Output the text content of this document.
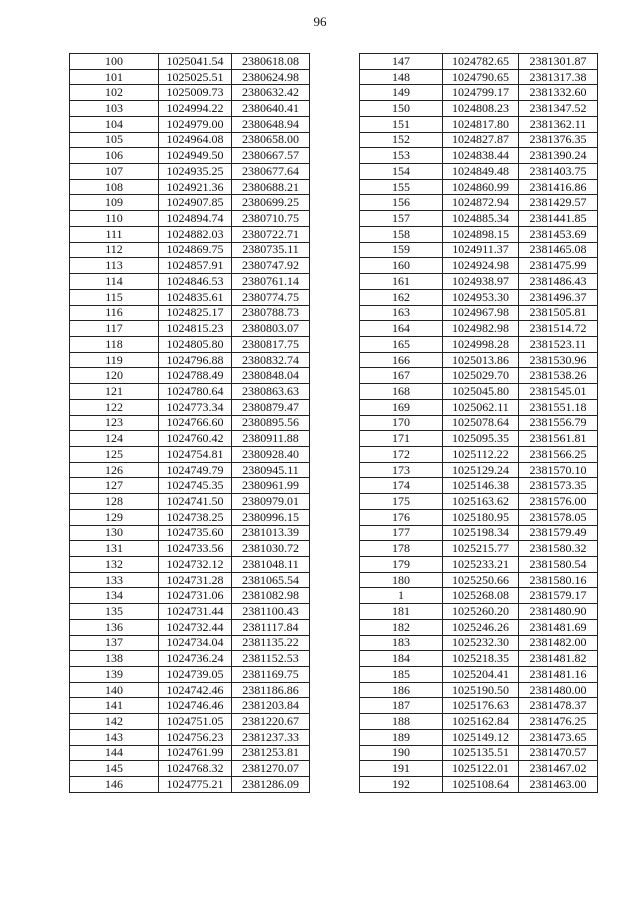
96
100	1025041.54	2380618.08
101	1025025.51	2380624.98
102	1025009.73	2380632.42
103	1024994.22	2380640.41
104	1024979.00	2380648.94
105	1024964.08	2380658.00
106	1024949.50	2380667.57
107	1024935.25	2380677.64
108	1024921.36	2380688.21
109	1024907.85	2380699.25
110	1024894.74	2380710.75
111	1024882.03	2380722.71
112	1024869.75	2380735.11
113	1024857.91	2380747.92
114	1024846.53	2380761.14
115	1024835.61	2380774.75
116	1024825.17	2380788.73
117	1024815.23	2380803.07
118	1024805.80	2380817.75
119	1024796.88	2380832.74
120	1024788.49	2380848.04
121	1024780.64	2380863.63
122	1024773.34	2380879.47
123	1024766.60	2380895.56
124	1024760.42	2380911.88
125	1024754.81	2380928.40
126	1024749.79	2380945.11
127	1024745.35	2380961.99
128	1024741.50	2380979.01
129	1024738.25	2380996.15
130	1024735.60	2381013.39
131	1024733.56	2381030.72
132	1024732.12	2381048.11
133	1024731.28	2381065.54
134	1024731.06	2381082.98
135	1024731.44	2381100.43
136	1024732.44	2381117.84
137	1024734.04	2381135.22
138	1024736.24	2381152.53
139	1024739.05	2381169.75
140	1024742.46	2381186.86
141	1024746.46	2381203.84
142	1024751.05	2381220.67
143	1024756.23	2381237.33
144	1024761.99	2381253.81
145	1024768.32	2381270.07
146	1024775.21	2381286.09
147	1024782.65	2381301.87
148	1024790.65	2381317.38
149	1024799.17	2381332.60
150	1024808.23	2381347.52
151	1024817.80	2381362.11
152	1024827.87	2381376.35
153	1024838.44	2381390.24
154	1024849.48	2381403.75
155	1024860.99	2381416.86
156	1024872.94	2381429.57
157	1024885.34	2381441.85
158	1024898.15	2381453.69
159	1024911.37	2381465.08
160	1024924.98	2381475.99
161	1024938.97	2381486.43
162	1024953.30	2381496.37
163	1024967.98	2381505.81
164	1024982.98	2381514.72
165	1024998.28	2381523.11
166	1025013.86	2381530.96
167	1025029.70	2381538.26
168	1025045.80	2381545.01
169	1025062.11	2381551.18
170	1025078.64	2381556.79
171	1025095.35	2381561.81
172	1025112.22	2381566.25
173	1025129.24	2381570.10
174	1025146.38	2381573.35
175	1025163.62	2381576.00
176	1025180.95	2381578.05
177	1025198.34	2381579.49
178	1025215.77	2381580.32
179	1025233.21	2381580.54
180	1025250.66	2381580.16
1	1025268.08	2381579.17
181	1025260.20	2381480.90
182	1025246.26	2381481.69
183	1025232.30	2381482.00
184	1025218.35	2381481.82
185	1025204.41	2381481.16
186	1025190.50	2381480.00
187	1025176.63	2381478.37
188	1025162.84	2381476.25
189	1025149.12	2381473.65
190	1025135.51	2381470.57
191	1025122.01	2381467.02
192	1025108.64	2381463.00
